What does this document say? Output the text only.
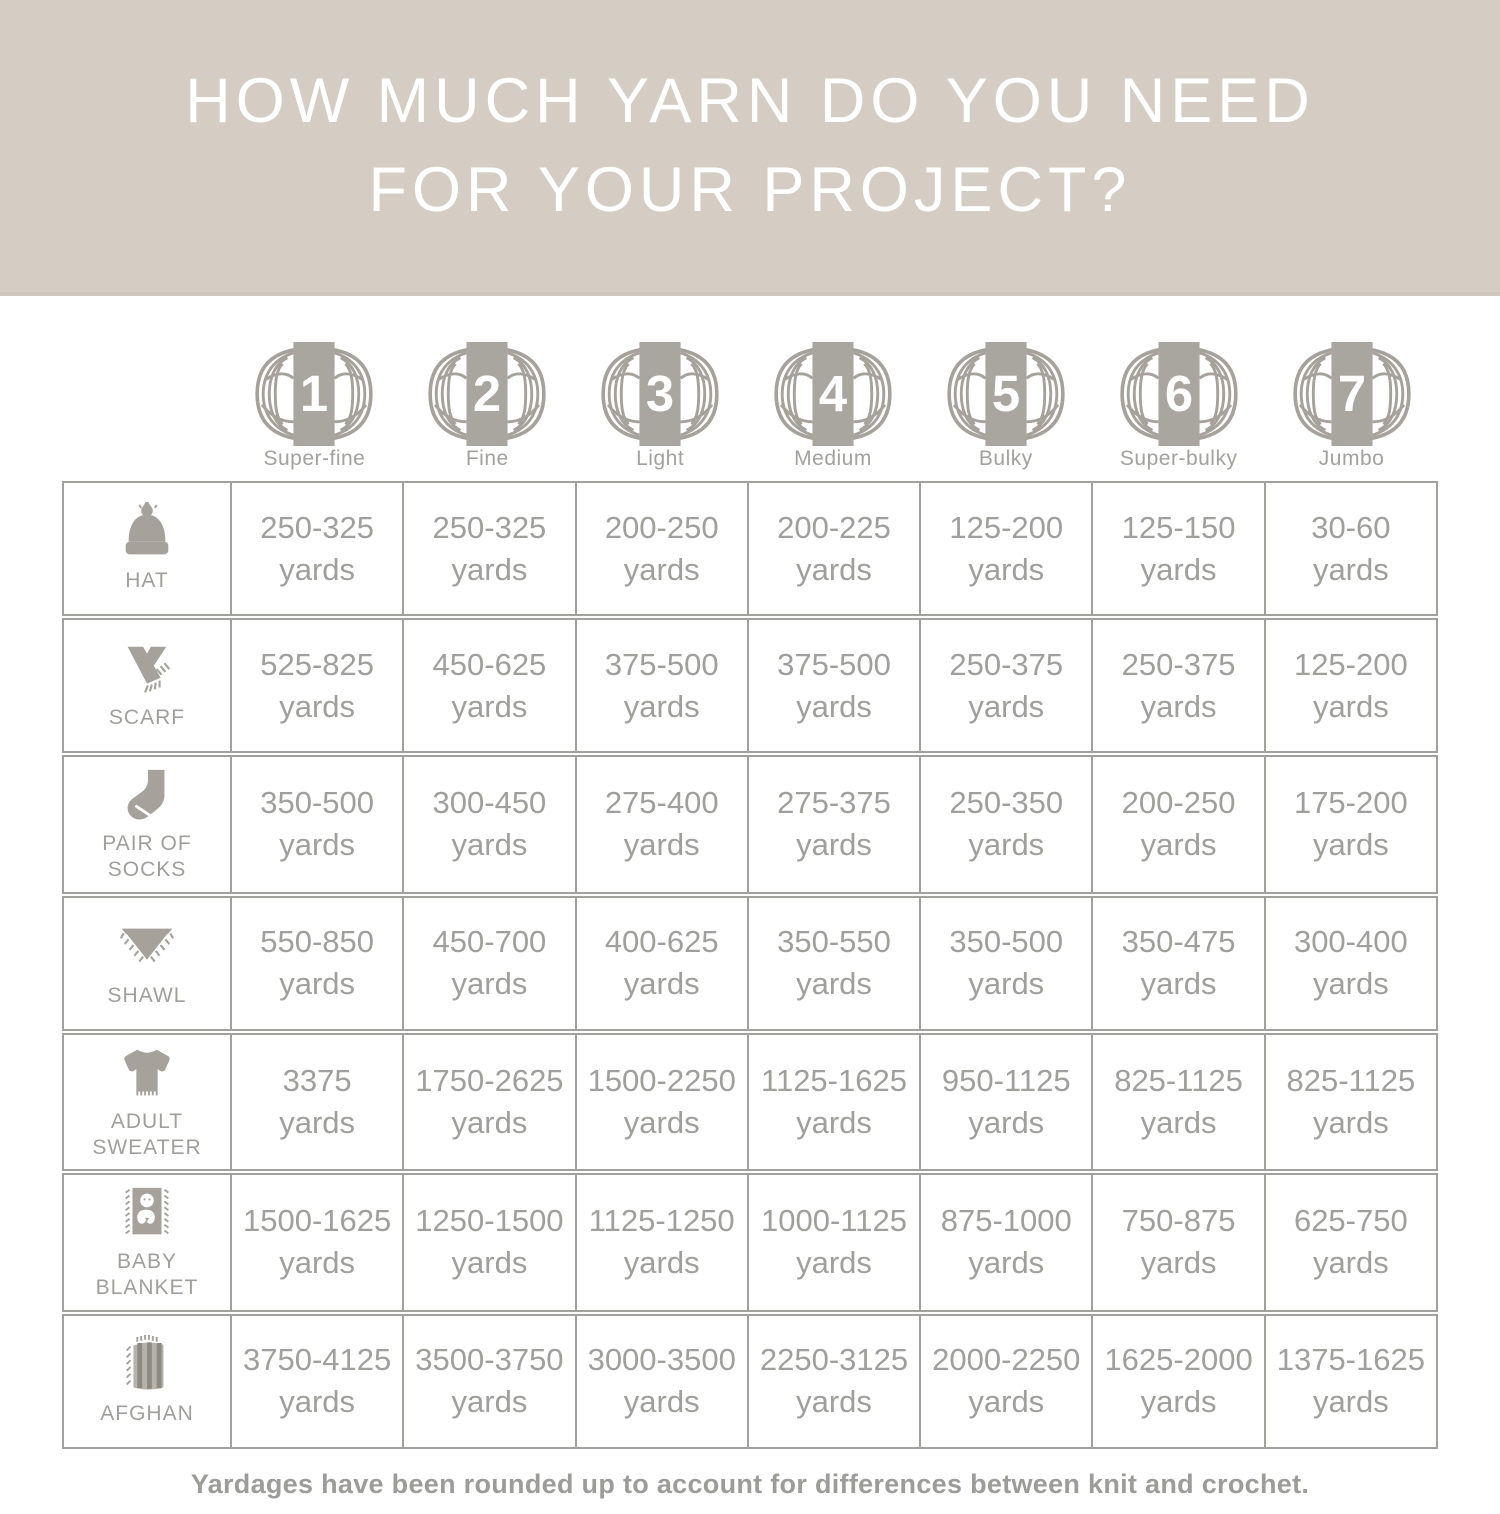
HOW MUCH YARN DO YOU NEED
FOR YOUR PROJECT?
1
Super-fine
2
Fine
3
Light
4
Medium
5
Bulky
6
Super-bulky
7
Jumbo
HAT
250-325
yards
250-325
yards
200-250
yards
200-225
yards
125-200
yards
125-150
yards
30-60
yards
SCARF
525-825
yards
450-625
yards
375-500
yards
375-500
yards
250-375
yards
250-375
yards
125-200
yards
PAIR OF SOCKS
350-500
yards
300-450
yards
275-400
yards
275-375
yards
250-350
yards
200-250
yards
175-200
yards
SHAWL
550-850
yards
450-700
yards
400-625
yards
350-550
yards
350-500
yards
350-475
yards
300-400
yards
ADULT SWEATER
3375
yards
1750-2625
yards
1500-2250
yards
1125-1625
yards
950-1125
yards
825-1125
yards
825-1125
yards
BABY BLANKET
1500-1625
yards
1250-1500
yards
1125-1250
yards
1000-1125
yards
875-1000
yards
750-875
yards
625-750
yards
AFGHAN
3750-4125
yards
3500-3750
yards
3000-3500
yards
2250-3125
yards
2000-2250
yards
1625-2000
yards
1375-1625
yards
Yardages have been rounded up to account for differences between knit and crochet.
